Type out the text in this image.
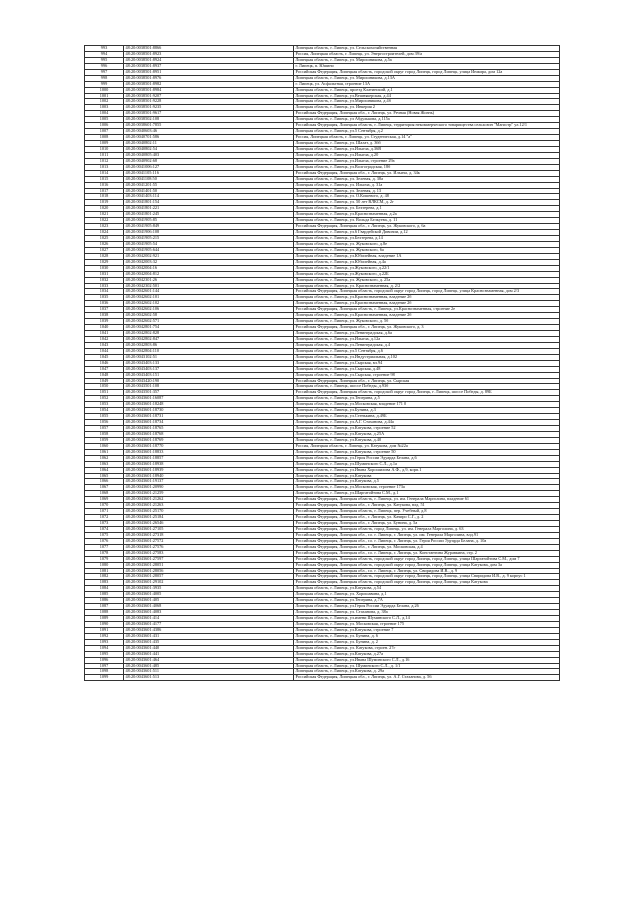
993	48:20:0038501:8866	Липецкая область, г. Липецк, ул. Сельскохозяйственная
994	48:20:0038501:8923	Россия, Липецкая область, г. Липецк, ул. Энергостроителей, дом 39/а
995	48:20:0038501:8924	Липецкая область, г. Липецк, ул. Мирошникова, д.5а
996	48:20:0038501:8937	г. Липецк, п. Юшино
997	48:20:0038501:8951	Российская Федерация, Липецкая область, городской округ город Липецк, город Липецк, улица Инжира, дом 12а
998	48:20:0038501:8976	Липецкая область, г. Липецк, ул. Мирошникова, д.13А
999	48:20:0038501:8982	г. Липецк, ул. Асфальтная, строение 13А
1000	48:20:0038501:8984	Липецкая область, г. Липецк, проезд Клатинский, д.1
1001	48:20:0038501:9207	Липецкая область, г. Липецк, ул.Вешнякерская, д.44
1002	48:20:0038501:9228	Липецкая область, г. Липецк, ул.Мирошникова, д.4б
1003	48:20:0038501:9235	Липецкая область, г. Липецк, ул. Инкерия 2
1004	48:20:0038501:9617	Российская Федерация, Липецкая обл., г. Липецк, ул. Речная (Новая Жизнь)
1005	48:20:0038502:108	Липецкая область, г. Липецк, ул Абдулькова, д.115а
1006	48:20:0038601:7855	Российская Федерация, Липецкая область, г. Липецк, территория некоммерческого товарищества сельхозпн "Магистр" ул.12/1
1007	48:20:0040603:46	Липецкая область, г. Липецк, ул.5 Сентября, д.2
1008	48:20:0040701:586	Россия, Липецкая область, г. Липецк, ул. Студенческая, д.14 "а"
1009	48:20:0040802:11	Липецкая область, г. Липецк, ул. Шалат, д. 36б
1010	48:20:0040802:54	Липецкая область, г. Липецк, ул.Ильича, д.36В
1011	48:20:0040805:403	Липецкая область, г. Липецк, ул.Ильича, д.20
1012	48:20:0040902:68	Липецкая область, г. Липецк, ул.Ильича, строение 29а
1013	48:20:0041006:127	Липецкая область, г. Липецк, ул.Волгоградская, 18б
1014	48:20:0041105:116	Российская Федерация, Липецкая обл., г. Липецк, ул. Ильича, д. 34к
1015	48:20:0041108:50	Липецкая область, г. Липецк, ул. Зеленая, д. 38а
1016	48:20:0041201:55	Липецкая область, г. Липецк, ул. Ильича, д. 31а
1017	48:20:0041401:50	Липецкая область, г. Липецк, ул. Зеленая, д. 13
1018	48:20:0041403:114	Липецкая область, г. Липецк, ул. О.Кошевого, д. 48
1019	48:20:0041801:154	Липецкая область, г. Липецк, ул. 50 лет ВЛКСМ, д. 2г
1020	48:20:0041801:221	Липецкая область, г. Липецк, ул. Бехтерева, д.1
1021	48:20:0041801:245	Липецкая область, г. Липецк, ул.Краснознаменная, д.2а
1022	48:20:0041905:85	Липецкая область, г. Липецк, ул. Вольда Белкуева, д. 11
1023	48:20:0041905:849	Российская Федерация, Липецкая обл., г. Липецк, ул. Жуковского, д. 6а
1024	48:20:0041906:108	Липецкая область, г. Липецк, ул.6 Гвардейской Дивизии, д.12
1025	48:20:0041905:215	Липецкая область, г. Липецк, ул.Бехтерева, д.14
1026	48:20:0041905:54	Липецкая область, г. Липецк, ул. Жуковского, д.8е
1027	48:20:0041905:644	Липецкая область, г. Липецк, ул. Жуковского, 6а
1028	48:20:0042002:921	Липецкая область, г. Липецк, ул.Юбилейная, владение 1А
1029	48:20:0042003:32	Липецкая область, г. Липецк, ул.Юбилейная, д.4а
1030	48:20:0042004:16	Липецкая область, г. Липецк, ул.Жуковского, д.22/1
1031	48:20:0042004:812	Липецкая область, г. Липецк, ул.Жуковского, д.22Б
1032	48:20:0042301:26	Липецкая область, г. Липецк, ул. Жуковского, д. 25а
1033	48:20:0042302:501	Липецкая область, г. Липецк, ул. Краснознаменная, д. 2/2
1034	48:20:0042601:144	Российская Федерация, Липецкая область, городской округ город Липецк, город Липецк, улица Краснознаменная, дом 2/3
1035	48:20:0042602:101	Липецкая область, г. Липецк, ул.Краснознаменная, владение 2б
1036	48:20:0042602:102	Липецкая область, г. Липецк, ул.Краснознаменная, владение 2б
1037	48:20:0042602:106	Российская Федерация, Липецкая область, г. Липецк, ул.Краснознаменная, строение 2е
1038	48:20:0042602:58	Липецкая область, г. Липецк, ул.Краснознаменная, владение 2б
1039	48:20:0042602:571	Липецкая область, г. Липецк, ул. Жуковского, д. 5б
1040	48:20:0042801:754	Российская Федерация, Липецкая обл., г. Липецк, ул. Жуковского, д. 3
1041	48:20:0042802:828	Липецкая область, г. Липецк, ул.Ленинградская, д.6а
1042	48:20:0042802:847	Липецкая область, г. Липецк, ул.Ильича, д.12а
1043	48:20:0042803:86	Липецкая область, г. Липецк, ул.Ленинградская, д.4
1044	48:20:0042804:110	Липецкая область, г. Липецк, ул.5 Сентября, д.6
1045	48:20:0043102:51	Липецкая область, г. Липецк, ул.Индустриальная, д.102
1046	48:20:0043403:133	Липецкая область, г. Липецк, ул.Сырская, вл.94
1047	48:20:0043403:137	Липецкая область, г. Липецк, ул.Сырская, д.48
1048	48:20:0043403:151	Липецкая область, г. Липецк, ул.Сырская, строение 98
1049	48:20:0043420:190	Российская Федерация, Липецкая обл., г. Липецк, ул. Сырская
1050	48:20:0043501:108	Липецкая область, г. Липецк, шоссе Победы, д.93б
1051	48:20:0043501:357	Российская Федерация, Липецкая область, городской округ город Липецк, г. Липецк, шоссе Победы, д. 89Б
1052	48:20:0043601:16087	Липецкая область, г. Липецк, ул.Теперина, д.5
1053	48:20:0043601:18248	Липецкая область, г. Липецк, ул.Московская, владение 171 0
1054	48:20:0043601:18730	Липецкая область, г. Липецк, ул.Бунина, д.3
1055	48:20:0043601:18731	Липецкая область, г. Липецк, ул.Стенькина, д.49Б
1056	48:20:0043601:18734	Липецкая область, г. Липецк, ул.А.Г. Стаханова, д.44а
1057	48:20:0043601:18765	Липецкая область, г. Липецк, ул.Катукова, строение 52
1058	48:20:0043601:18768	Липецкая область, г. Липецк, ул.Катукова, д.25А
1059	48:20:0043601:18769	Липецкая область, г. Липецк, ул.Катукова, д.40
1060	48:20:0043601:18770	Россия, Липецкая область, г. Липецк, ул. Катукова, дом №22а
1061	48:20:0043601:18833	Липецкая область, г. Липецк, ул.Катукова, строение 50
1062	48:20:0043601:18857	Липецкая область, г. Липецк, ул.Героя России Эдуарда Белана, д.6
1063	48:20:0043601:18938	Липецкая область, г. Липецк, ул.Шуминского С.Л., д.1а
1064	48:20:0043601:18939	Липецкая область, г. Липецк, ул.Ивана Хорошилова А.Ф., д.9, корп.1
1065	48:20:0043601:18940	Липецкая область, г. Липецк, ул.Катукова
1066	48:20:0043601:19137	Липецкая область, г. Липецк, ул.Катукова, д.5
1067	48:20:0043601:20990	Липецкая область, г. Липецк, ул.Московская, строение 173а
1068	48:20:0043601:21259	Липецкая область, г. Липецк, ул.Шаргатойтова С.М., д.1
1069	48:20:0043601:21262	Российская Федерация, Липецкая область, г. Липецк, ул. им. Генерала Марголина, владение 61
1070	48:20:0043601:21263	Российская Федерация, Липецкая обл., г. Липецк, ул. Катукова, влд. 51
1071	48:20:0043601:25170	Российская Федерация, Липецкая область, г. Липецк, пер. Учебный, д.8
1072	48:20:0043601:25184	Российская Федерация, Липецкая обл., г. Липецк, ул. Качиро С.Г., д. 2
1073	48:20:0043601:26546	Российская Федерация, Липецкая обл., г. Липецк, ул. Бунина, д. 5а
1074	48:20:0043601:27105	Российская Федерация, Липецкая область, город Липецк, ул. им. Генерала Марголина, д. 63
1075	48:20:0043601:27318	Российская Федерация, Липецкая обл., г.о. г. Липецк, г. Липецк, ул. им. Генерала Марголина, влд.91
1076	48:20:0043601:27572	Российская Федерация, Липецкая обл., г.о. г. Липецк, г. Липецк, ул. Героя России Эдуарда Белана, д. 10а
1077	48:20:0043601:27576	Российская Федерация, Липецкая обл., г. Липецк, ул. Московская, д.4
1078	48:20:0043601:27583	Российская Федерация, Липецкая обл., г.о. г. Липецк, г. Липецк, ул. Константина Журавкина, стр. 2
1079	48:20:0043601:27597	Российская Федерация, Липецкая область, городской округ город Липецк, город Липецк, улица Шаргатойтова С.М., дом 7
1080	48:20:0043601:28051	Российская Федерация, Липецкая область, городской округ город Липецк, город Липецк, улица Катукова, дом 3а
1081	48:20:0043601:28056	Российская Федерация, Липецкая обл., г.о. г. Липецк, г. Липецк, ул. Свиридова И.В., д. 9
1082	48:20:0043601:28057	Российская Федерация, Липецкая область, городской округ город Липецк, город Липецк, улица Свиридова И.В., д. 9 корпус 1
1083	48:20:0043601:29102	Российская Федерация, Липецкая область, городской округ город Липецк, город Липецк, улица Катукова
1084	48:20:0043601:3935	Липецкая область, г. Липецк, ул.Катукова, д.54
1085	48:20:0043601:4005	Липецкая область, г. Липецк, ул. Хорошавина, д.1
1086	48:20:0043601:405	Липецкая область, г. Липецк, ул.Теперина, д.7А
1087	48:20:0043601:4068	Липецкая область, г. Липецк, ул.Героя России Эдуарда Белана, д.26
1088	48:20:0043601:4083	Липецкая область, г. Липецк, ул. Стаханова, д. 38а
1089	48:20:0043601:414	Липецкая область, г. Липецк, ул.имени Шуминского С.Л., д.14
1090	48:20:0043601:4177	Липецкая область, г. Липецк, ул. Московская, строение 175
1091	48:20:0043601:4386	Липецкая область, г. Липецк, ул.Катукова, строение 7
1092	48:20:0043601:431	Липецкая область, г. Липецк, ул. Бунина, д. 6
1093	48:20:0043601:435	Липецкая область, г. Липецк, ул. Бунина, д. 2
1094	48:20:0043601:440	Липецкая область, г. Липецк, ул. Катукова, строен. 27г
1095	48:20:0043601:441	Липецкая область, г. Липецк, ул.Катукова, д.27а
1096	48:20:0043601:464	Липецкая область, г. Липецк, ул.Ивана Шуминского С.Л., д.16
1097	48:20:0043601:485	Липецкая область, г. Липецк, ул. Шуминского С.Л., д. 1/1
1098	48:20:0043601:511	Липецкая область, г. Липецк, ул.Катукова, д. 29а
1099	48:20:0043601:513	Российская Федерация, Липецкая обл., г. Липецк, ул. А.Г. Стаханова, д. 56
